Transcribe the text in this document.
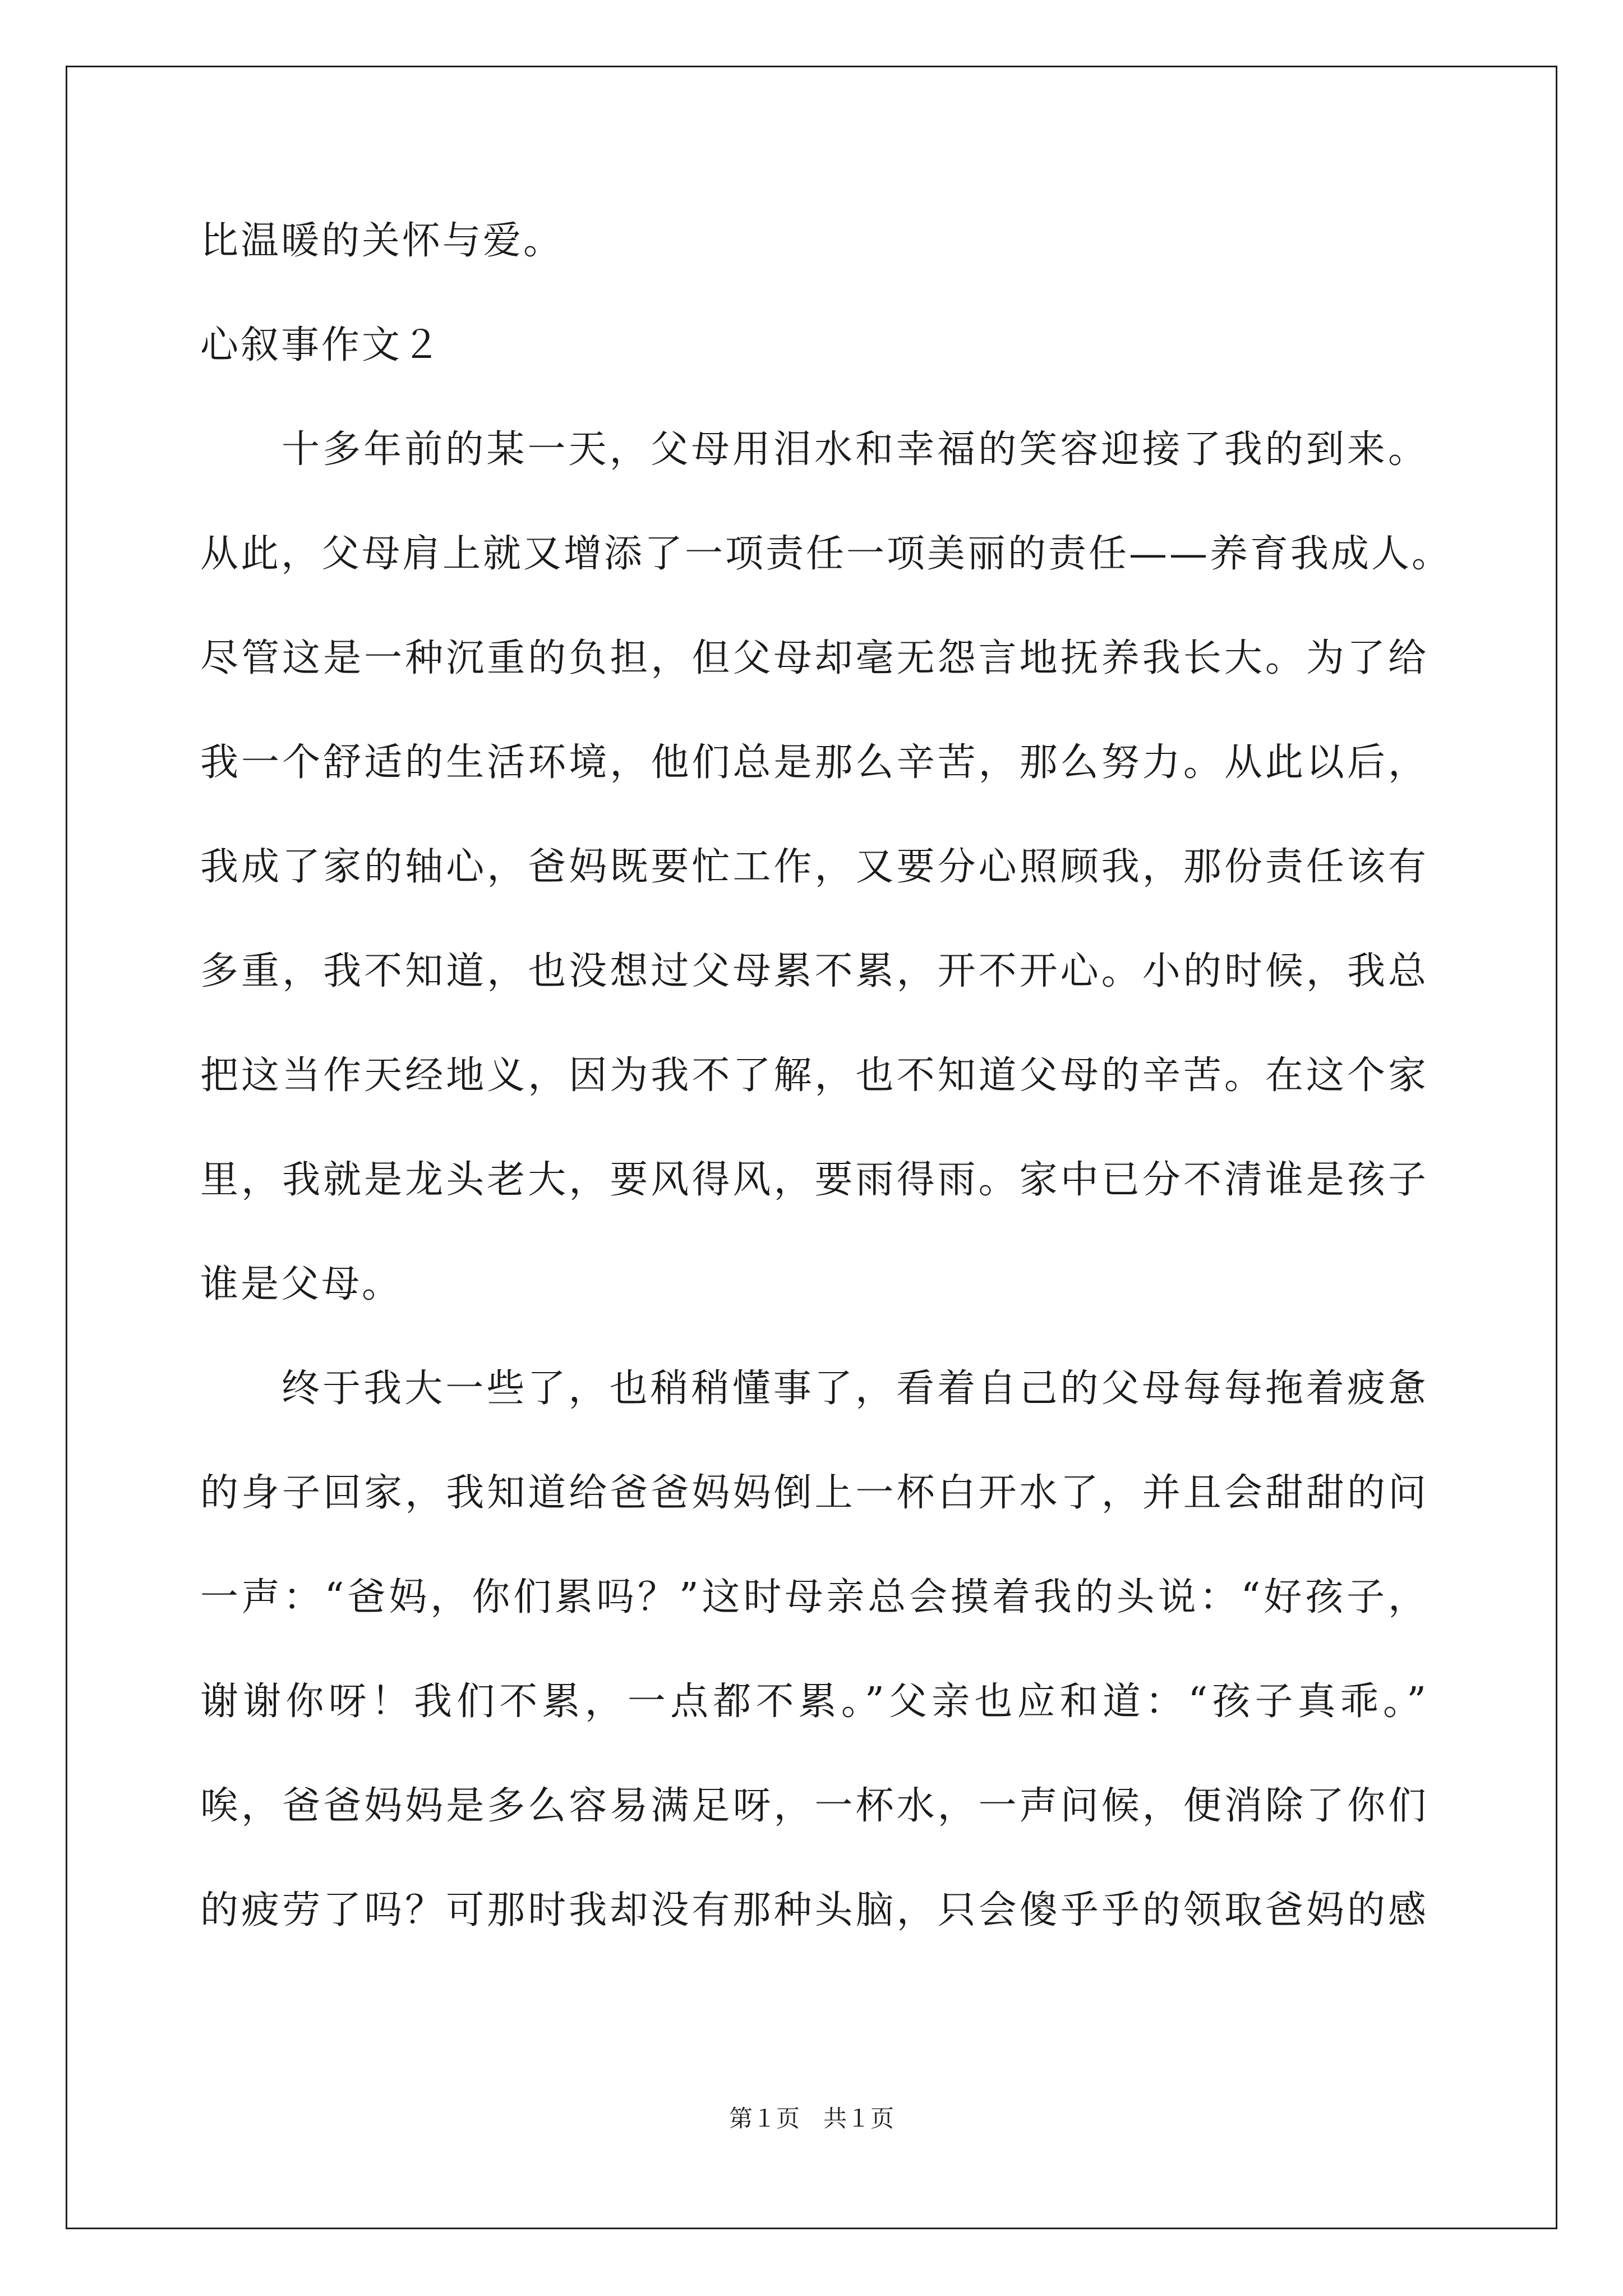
比温暖的关怀与爱。
心叙事作文２
十多年前的某一天，父母用泪水和幸福的笑容迎接了我的到来。
从此，父母肩上就又增添了一项责任一项美丽的责任——养育我成人。
尽管这是一种沉重的负担，但父母却毫无怨言地抚养我长大。为了给
我一个舒适的生活环境，他们总是那么辛苦，那么努力。从此以后，
我成了家的轴心，爸妈既要忙工作，又要分心照顾我，那份责任该有
多重，我不知道，也没想过父母累不累，开不开心。小的时候，我总
把这当作天经地义，因为我不了解，也不知道父母的辛苦。在这个家
里，我就是龙头老大，要风得风，要雨得雨。家中已分不清谁是孩子
谁是父母。
终于我大一些了，也稍稍懂事了，看着自己的父母每每拖着疲惫
的身子回家，我知道给爸爸妈妈倒上一杯白开水了，并且会甜甜的问
一声：“爸妈，你们累吗？”这时母亲总会摸着我的头说：“好孩子，
谢谢你呀！我们不累，一点都不累。”父亲也应和道：“孩子真乖。”
唉，爸爸妈妈是多么容易满足呀，一杯水，一声问候，便消除了你们
的疲劳了吗？可那时我却没有那种头脑，只会傻乎乎的领取爸妈的感
第１页　共１页
